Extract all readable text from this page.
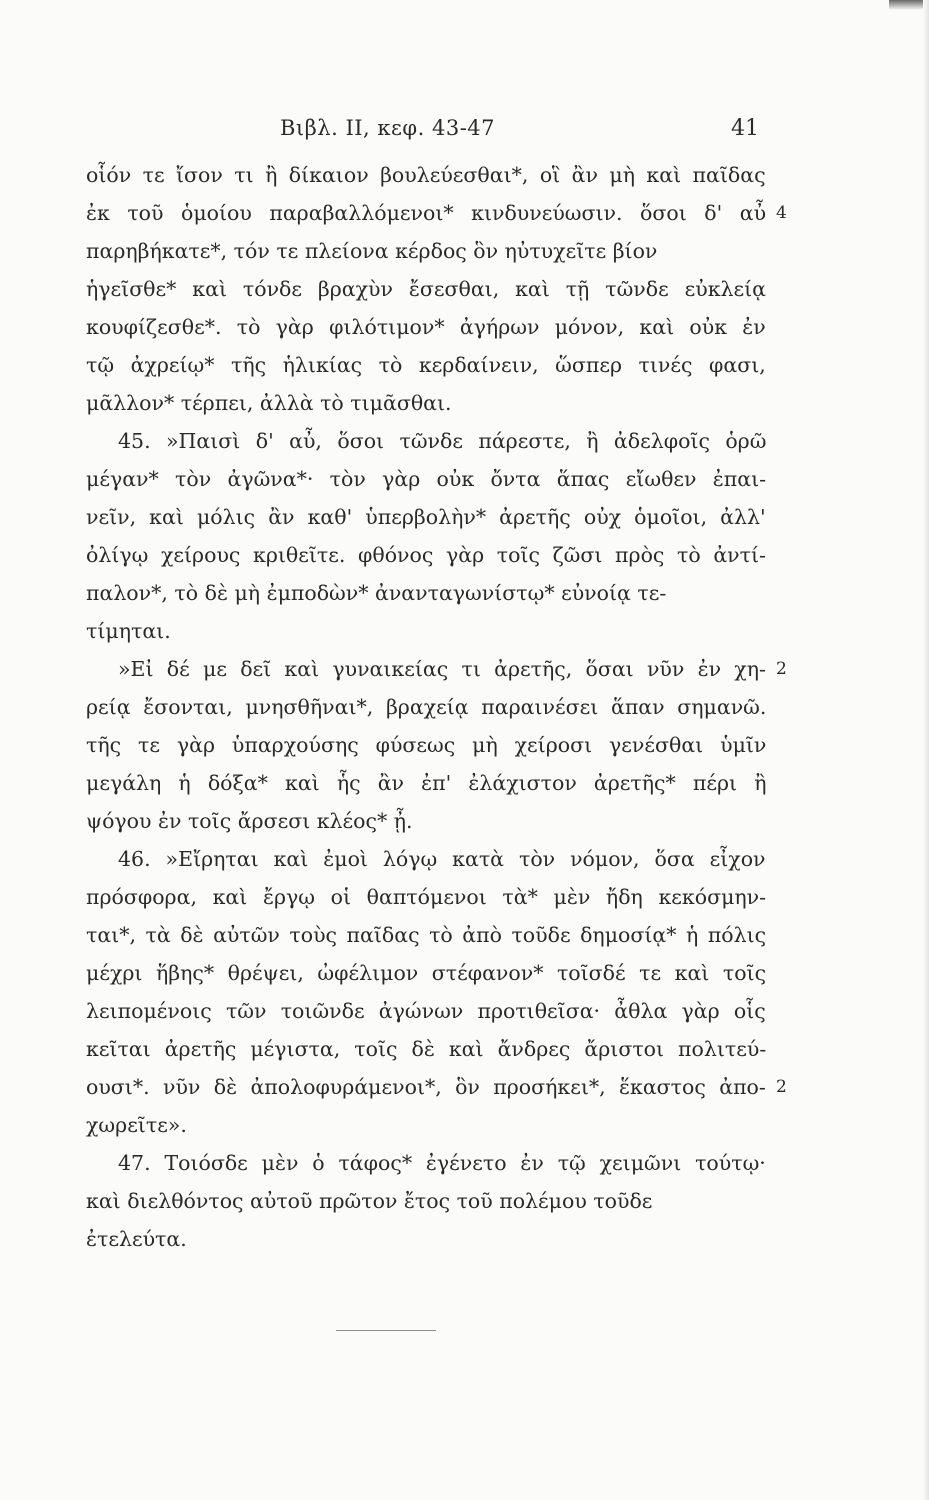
Βιβλ. II, κεφ. 43-47	41
οἷόν τε ἴσον τι ἢ δίκαιον βουλεύεσθαι*, οἳ ἂν μὴ καὶ παῖδας
ἐκ τοῦ ὁμοίου παραβαλλόμενοι* κινδυνεύωσιν. ὅσοι δ' αὖ
παρηβήκατε*, τόν τε πλείονα κέρδος ὃν ηὐτυχεῖτε βίον
ἡγεῖσθε* καὶ τόνδε βραχὺν ἔσεσθαι, καὶ τῇ τῶνδε εὐκλείᾳ
κουφίζεσθε*. τὸ γὰρ φιλότιμον* ἀγήρων μόνον, καὶ οὐκ ἐν
τῷ ἀχρείῳ* τῆς ἡλικίας τὸ κερδαίνειν, ὥσπερ τινές φασι,
μᾶλλον* τέρπει, ἀλλὰ τὸ τιμᾶσθαι.
45. »Παισὶ δ' αὖ, ὅσοι τῶνδε πάρεστε, ἢ ἀδελφοῖς ὁρῶ
μέγαν* τὸν ἀγῶνα*· τὸν γὰρ οὐκ ὄντα ἅπας εἴωθεν ἐπαι-
νεῖν, καὶ μόλις ἂν καθ' ὑπερβολὴν* ἀρετῆς οὐχ ὁμοῖοι, ἀλλ'
ὀλίγῳ χείρους κριθεῖτε. φθόνος γὰρ τοῖς ζῶσι πρὸς τὸ ἀντί-
παλον*, τὸ δὲ μὴ ἐμποδὼν* ἀνανταγωνίστῳ* εὐνοίᾳ τε-
τίμηται.
»Εἰ δέ με δεῖ καὶ γυναικείας τι ἀρετῆς, ὅσαι νῦν ἐν χη-
ρείᾳ ἔσονται, μνησθῆναι*, βραχείᾳ παραινέσει ἅπαν σημανῶ.
τῆς τε γὰρ ὑπαρχούσης φύσεως μὴ χείροσι γενέσθαι ὑμῖν
μεγάλη ἡ δόξα* καὶ ἧς ἂν ἐπ' ἐλάχιστον ἀρετῆς* πέρι ἢ
ψόγου ἐν τοῖς ἄρσεσι κλέος* ᾖ.
46. »Εἴρηται καὶ ἐμοὶ λόγῳ κατὰ τὸν νόμον, ὅσα εἶχον
πρόσφορα, καὶ ἔργῳ οἱ θαπτόμενοι τὰ* μὲν ἤδη κεκόσμην-
ται*, τὰ δὲ αὐτῶν τοὺς παῖδας τὸ ἀπὸ τοῦδε δημοσίᾳ* ἡ πόλις
μέχρι ἥβης* θρέψει, ὠφέλιμον στέφανον* τοῖσδέ τε καὶ τοῖς
λειπομένοις τῶν τοιῶνδε ἀγώνων προτιθεῖσα· ἆθλα γὰρ οἷς
κεῖται ἀρετῆς μέγιστα, τοῖς δὲ καὶ ἄνδρες ἄριστοι πολιτεύ-
ουσι*. νῦν δὲ ἀπολοφυράμενοι*, ὃν προσήκει*, ἕκαστος ἀπο-
χωρεῖτε».
47. Τοιόσδε μὲν ὁ τάφος* ἐγένετο ἐν τῷ χειμῶνι τούτῳ·
καὶ διελθόντος αὐτοῦ πρῶτον ἔτος τοῦ πολέμου τοῦδε
ἐτελεύτα.
4
2
2
